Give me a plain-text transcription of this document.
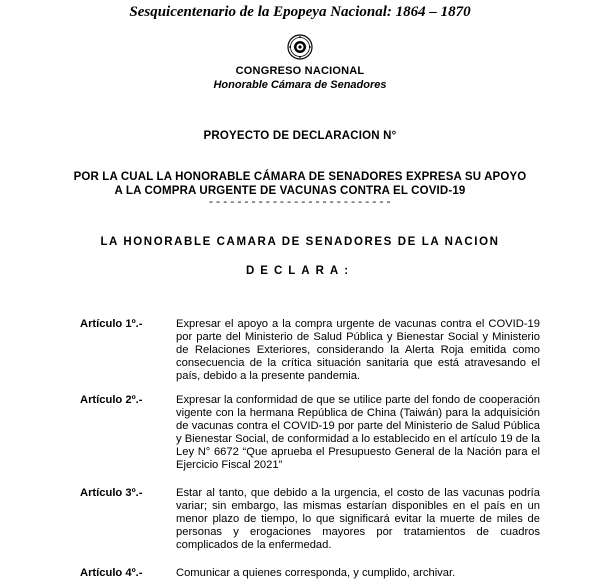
Sesquicentenario de la Epopeya Nacional: 1864 – 1870
CONGRESO NACIONAL
Honorable Cámara de Senadores
PROYECTO DE DECLARACION N°
POR LA CUAL LA HONORABLE CÁMARA DE SENADORES EXPRESA SU APOYO
A LA COMPRA URGENTE DE VACUNAS CONTRA EL COVID-19
--------------------------
LA HONORABLE CAMARA DE SENADORES DE LA NACION
DECLARA:
Artículo 1º.-	Expresar el apoyo a la compra urgente de vacunas contra el COVID-19 por parte del Ministerio de Salud Pública y Bienestar Social y Ministerio de Relaciones Exteriores, considerando la Alerta Roja emitida como consecuencia de la crítica situación sanitaria que está atravesando el país, debido a la presente pandemia.
Artículo 2º.-	Expresar la conformidad de que se utilice parte del fondo de cooperación vigente con la hermana República de China (Taiwán) para la adquisición de vacunas contra el COVID-19 por parte del Ministerio de Salud Pública y Bienestar Social, de conformidad a lo establecido en el artículo 19 de la Ley N° 6672 “Que aprueba el Presupuesto General de la Nación para el Ejercicio Fiscal 2021”
Artículo 3º.-	Estar al tanto, que debido a la urgencia, el costo de las vacunas podría variar; sin embargo, las mismas estarían disponibles en el país en un menor plazo de tiempo, lo que significará evitar la muerte de miles de personas y erogaciones mayores por tratamientos de cuadros complicados de la enfermedad.
Artículo 4º.-	Comunicar a quienes corresponda, y cumplido, archivar.
